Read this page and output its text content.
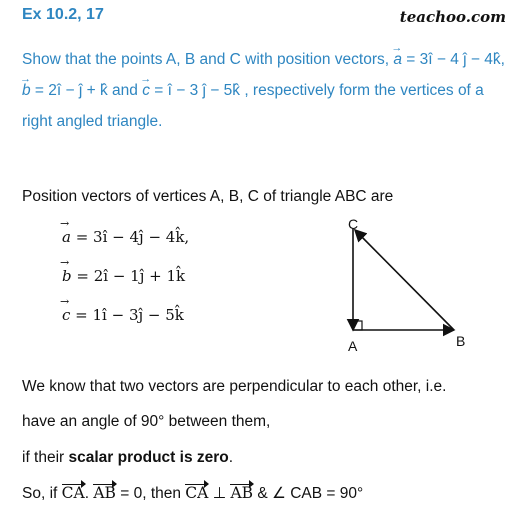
Ex 10.2, 17	teachoo.com
Show that the points A, B and C with position vectors, → a = 3î − 4 ĵ − 4k̂, → b = 2î − ĵ + k̂ and → c = î − 3 ĵ − 5k̂ , respectively form the vertices of a right angled triangle.
Position vectors of vertices A, B, C of triangle ABC are
→ a = 3î − 4ĵ − 4k̂,
→ b = 2î − 1ĵ + 1k̂
→ c = 1î − 3ĵ − 5k̂
C
A	B
We know that two vectors are perpendicular to each other, i.e.
have an angle of 90° between them,
if their scalar product is zero.
So, if CA. AB = 0, then CA ⊥ AB & ∠ CAB = 90°
